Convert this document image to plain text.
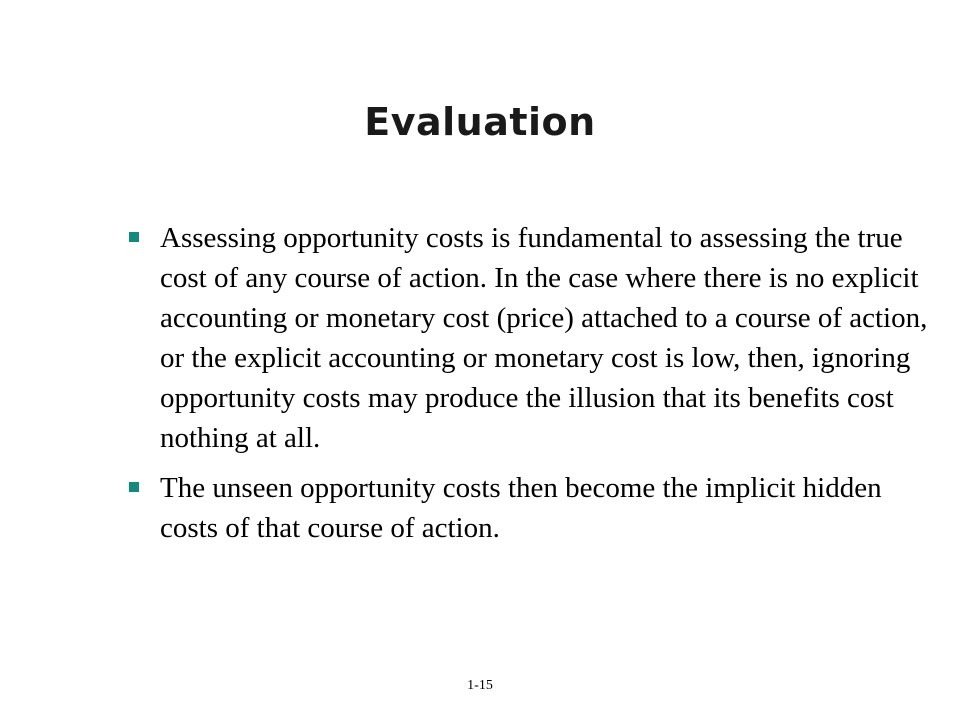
Evaluation
Assessing opportunity costs is fundamental to assessing the true cost of any course of action. In the case where there is no explicit accounting or monetary cost (price) attached to a course of action, or the explicit accounting or monetary cost is low, then, ignoring opportunity costs may produce the illusion that its benefits cost nothing at all.
The unseen opportunity costs then become the implicit hidden costs of that course of action.
1-15
